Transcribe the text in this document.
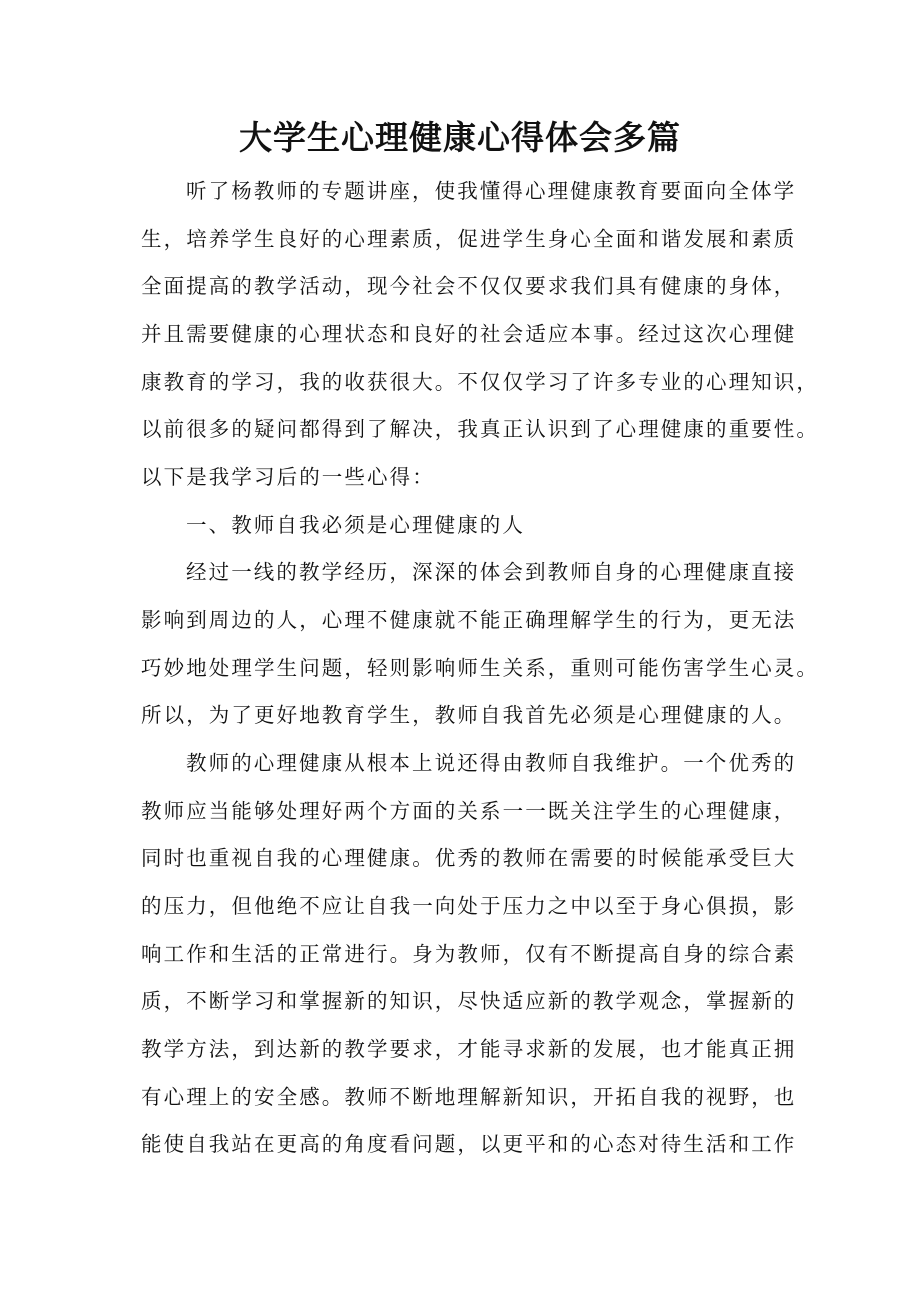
大学生心理健康心得体会多篇

听了杨教师的专题讲座，使我懂得心理健康教育要面向全体学

生，培养学生良好的心理素质，促进学生身心全面和谐发展和素质

全面提高的教学活动，现今社会不仅仅要求我们具有健康的身体，

并且需要健康的心理状态和良好的社会适应本事。经过这次心理健

康教育的学习，我的收获很大。不仅仅学习了许多专业的心理知识，

以前很多的疑问都得到了解决，我真正认识到了心理健康的重要性。

以下是我学习后的一些心得：

一、教师自我必须是心理健康的人

经过一线的教学经历，深深的体会到教师自身的心理健康直接

影响到周边的人，心理不健康就不能正确理解学生的行为，更无法

巧妙地处理学生问题，轻则影响师生关系，重则可能伤害学生心灵。

所以，为了更好地教育学生，教师自我首先必须是心理健康的人。

教师的心理健康从根本上说还得由教师自我维护。一个优秀的

教师应当能够处理好两个方面的关系一一既关注学生的心理健康，

同时也重视自我的心理健康。优秀的教师在需要的时候能承受巨大

的压力，但他绝不应让自我一向处于压力之中以至于身心俱损，影

响工作和生活的正常进行。身为教师，仅有不断提高自身的综合素

质，不断学习和掌握新的知识，尽快适应新的教学观念，掌握新的

教学方法，到达新的教学要求，才能寻求新的发展，也才能真正拥

有心理上的安全感。教师不断地理解新知识，开拓自我的视野，也

能使自我站在更高的角度看问题，以更平和的心态对待生活和工作
